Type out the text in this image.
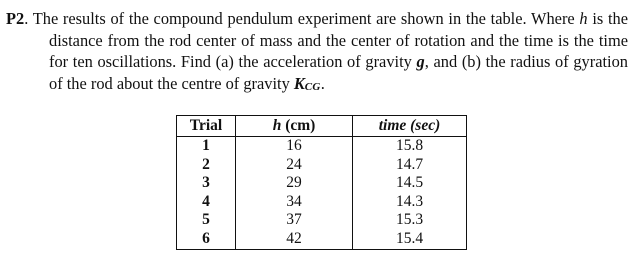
P2. The results of the compound pendulum experiment are shown in the table. Where h is the distance from the rod center of mass and the center of rotation and the time is the time for ten oscillations. Find (a) the acceleration of gravity g, and (b) the radius of gyration of the rod about the centre of gravity KCG.

Trial	h (cm)	time (sec)
1	16	15.8
2	24	14.7
3	29	14.5
4	34	14.3
5	37	15.3
6	42	15.4
